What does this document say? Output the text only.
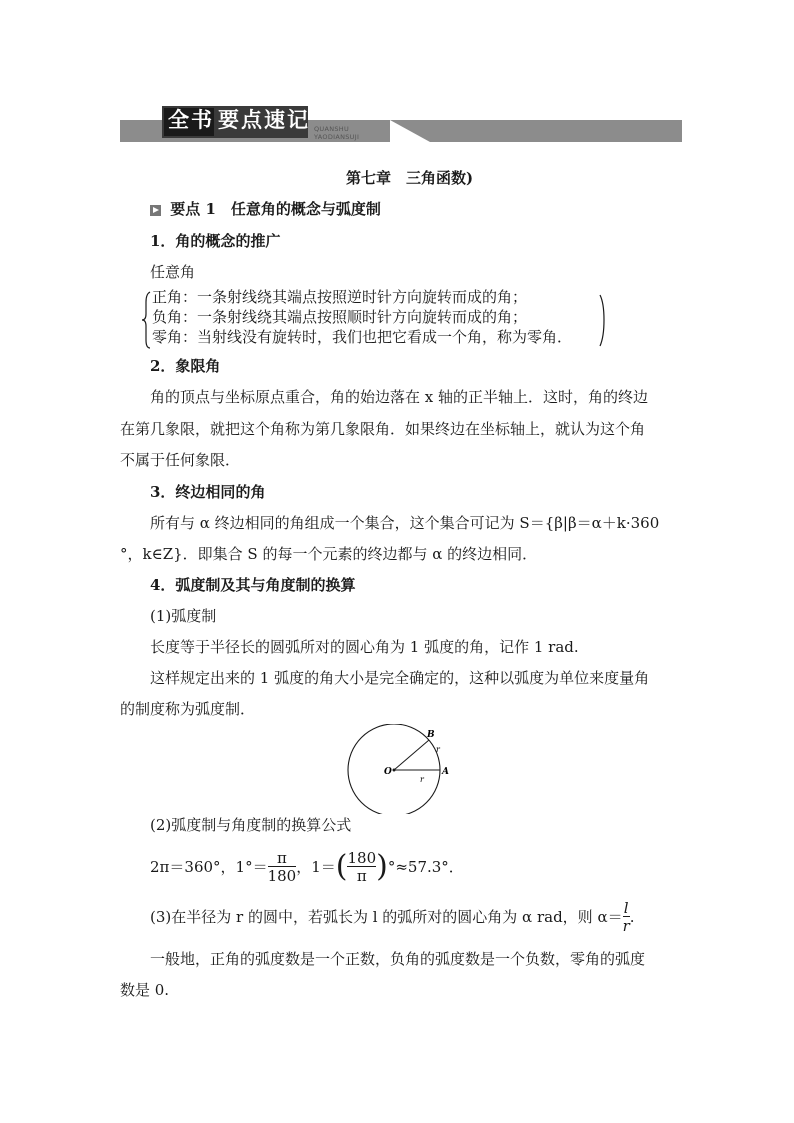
全书 要点速记 QUANSHU
YAODIANSUJI
第七章　三角函数)
要点 1　任意角的概念与弧度制
1．角的概念的推广
任意角
正角：一条射线绕其端点按照逆时针方向旋转而成的角；
负角：一条射线绕其端点按照顺时针方向旋转而成的角；
零角：当射线没有旋转时，我们也把它看成一个角，称为零角．
2．象限角
角的顶点与坐标原点重合，角的始边落在 x 轴的正半轴上．这时，角的终边
在第几象限，就把这个角称为第几象限角．如果终边在坐标轴上，就认为这个角
不属于任何象限．
3．终边相同的角
所有与 α 终边相同的角组成一个集合，这个集合可记为 S＝{β|β＝α＋k·360
°，k∈Z}．即集合 S 的每一个元素的终边都与 α 的终边相同．
4．弧度制及其与角度制的换算
(1)弧度制
长度等于半径长的圆弧所对的圆心角为 1 弧度的角，记作 1 rad.
这样规定出来的 1 弧度的角大小是完全确定的，这种以弧度为单位来度量角
的制度称为弧度制．
O	A
B
r
r
(2)弧度制与角度制的换算公式
2π＝360°，$1^\circ= \frac{\pi}{180}$ ，$1=( \frac{180}{\pi} )^\circ\approx 57.3^\circ$．
(3)在半径为 r 的圆中，若弧长为 l 的弧所对的圆心角为 α rad，则 $\alpha= \frac{l}{r}$ .
一般地，正角的弧度数是一个正数，负角的弧度数是一个负数，零角的弧度
数是 0.
